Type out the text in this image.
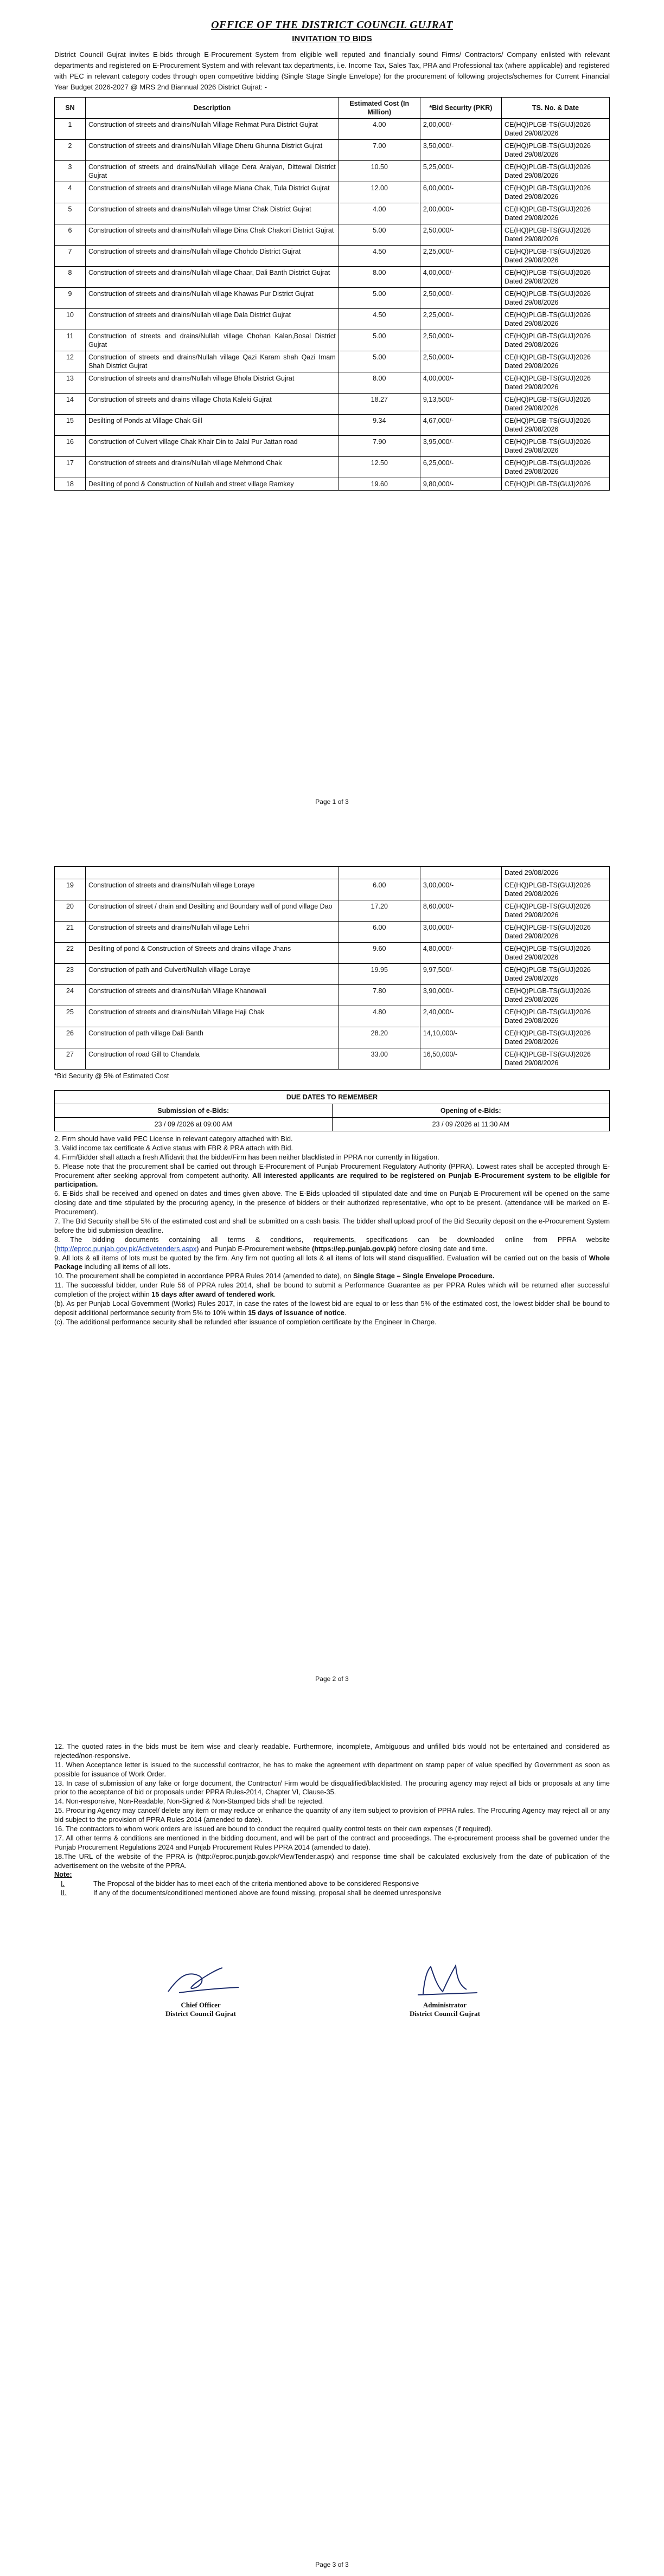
OFFICE OF THE DISTRICT COUNCIL GUJRAT
INVITATION TO BIDS
District Council Gujrat invites E-bids through E-Procurement System from eligible well reputed and financially sound Firms/ Contractors/ Company enlisted with relevant departments and registered on E-Procurement System and with relevant tax departments, i.e. Income Tax, Sales Tax, PRA and Professional tax (where applicable) and registered with PEC in relevant category codes through open competitive bidding (Single Stage Single Envelope) for the procurement of following projects/schemes for Current Financial Year Budget 2026-2027 @ MRS 2nd Biannual 2026 District Gujrat: -
SN	Description	Estimated Cost (In Million)	*Bid Security (PKR)	TS. No. & Date
1	Construction of streets and drains/Nullah Village Rehmat Pura District Gujrat	4.00	2,00,000/-	CE(HQ)PLGB-TS(GUJ)2026 Dated 29/08/2026
2	Construction of streets and drains/Nullah Village Dheru Ghunna District Gujrat	7.00	3,50,000/-	CE(HQ)PLGB-TS(GUJ)2026 Dated 29/08/2026
3	Construction of streets and drains/Nullah village Dera Araiyan, Dittewal District Gujrat	10.50	5,25,000/-	CE(HQ)PLGB-TS(GUJ)2026 Dated 29/08/2026
4	Construction of streets and drains/Nullah village Miana Chak, Tula District Gujrat	12.00	6,00,000/-	CE(HQ)PLGB-TS(GUJ)2026 Dated 29/08/2026
5	Construction of streets and drains/Nullah village Umar Chak District Gujrat	4.00	2,00,000/-	CE(HQ)PLGB-TS(GUJ)2026 Dated 29/08/2026
6	Construction of streets and drains/Nullah village Dina Chak Chakori District Gujrat	5.00	2,50,000/-	CE(HQ)PLGB-TS(GUJ)2026 Dated 29/08/2026
7	Construction of streets and drains/Nullah village Chohdo District Gujrat	4.50	2,25,000/-	CE(HQ)PLGB-TS(GUJ)2026 Dated 29/08/2026
8	Construction of streets and drains/Nullah village Chaar, Dali Banth District Gujrat	8.00	4,00,000/-	CE(HQ)PLGB-TS(GUJ)2026 Dated 29/08/2026
9	Construction of streets and drains/Nullah village Khawas Pur District Gujrat	5.00	2,50,000/-	CE(HQ)PLGB-TS(GUJ)2026 Dated 29/08/2026
10	Construction of streets and drains/Nullah village Dala District Gujrat	4.50	2,25,000/-	CE(HQ)PLGB-TS(GUJ)2026 Dated 29/08/2026
11	Construction of streets and drains/Nullah village Chohan Kalan,Bosal District Gujrat	5.00	2,50,000/-	CE(HQ)PLGB-TS(GUJ)2026 Dated 29/08/2026
12	Construction of streets and drains/Nullah village Qazi Karam shah Qazi Imam Shah District Gujrat	5.00	2,50,000/-	CE(HQ)PLGB-TS(GUJ)2026 Dated 29/08/2026
13	Construction of streets and drains/Nullah village Bhola District Gujrat	8.00	4,00,000/-	CE(HQ)PLGB-TS(GUJ)2026 Dated 29/08/2026
14	Construction of streets and drains village Chota Kaleki Gujrat	18.27	9,13,500/-	CE(HQ)PLGB-TS(GUJ)2026 Dated 29/08/2026
15	Desilting of Ponds at Village Chak Gill	9.34	4,67,000/-	CE(HQ)PLGB-TS(GUJ)2026 Dated 29/08/2026
16	Construction of Culvert village Chak Khair Din to Jalal Pur Jattan road	7.90	3,95,000/-	CE(HQ)PLGB-TS(GUJ)2026 Dated 29/08/2026
17	Construction of streets and drains/Nullah village Mehmond Chak	12.50	6,25,000/-	CE(HQ)PLGB-TS(GUJ)2026 Dated 29/08/2026
18	Desilting of pond & Construction of Nullah and street village Ramkey	19.60	9,80,000/-	CE(HQ)PLGB-TS(GUJ)2026
Page 1 of 3
				Dated 29/08/2026
19	Construction of streets and drains/Nullah village Loraye	6.00	3,00,000/-	CE(HQ)PLGB-TS(GUJ)2026 Dated 29/08/2026
20	Construction of street / drain and Desilting and Boundary wall of pond village Dao	17.20	8,60,000/-	CE(HQ)PLGB-TS(GUJ)2026 Dated 29/08/2026
21	Construction of streets and drains/Nullah village Lehri	6.00	3,00,000/-	CE(HQ)PLGB-TS(GUJ)2026 Dated 29/08/2026
22	Desilting of pond & Construction of Streets and drains village Jhans	9.60	4,80,000/-	CE(HQ)PLGB-TS(GUJ)2026 Dated 29/08/2026
23	Construction of path and Culvert/Nullah village Loraye	19.95	9,97,500/-	CE(HQ)PLGB-TS(GUJ)2026 Dated 29/08/2026
24	Construction of streets and drains/Nullah Village Khanowali	7.80	3,90,000/-	CE(HQ)PLGB-TS(GUJ)2026 Dated 29/08/2026
25	Construction of streets and drains/Nullah Village Haji Chak	4.80	2,40,000/-	CE(HQ)PLGB-TS(GUJ)2026 Dated 29/08/2026
26	Construction of path village Dali Banth	28.20	14,10,000/-	CE(HQ)PLGB-TS(GUJ)2026 Dated 29/08/2026
27	Construction of road Gill to Chandala	33.00	16,50,000/-	CE(HQ)PLGB-TS(GUJ)2026 Dated 29/08/2026
*Bid Security @ 5% of Estimated Cost
DUE DATES TO REMEMBER	
Submission of e-Bids:	Opening of e-Bids:
23 / 09 /2026 at 09:00 AM	23 / 09 /2026 at 11:30 AM

2. Firm should have valid PEC License in relevant category attached with Bid.

3. Valid income tax certificate & Active status with FBR & PRA attach with Bid.

4. Firm/Bidder shall attach a fresh Affidavit that the bidder/Firm has been neither blacklisted in PPRA nor currently in litigation.

5. Please note that the procurement shall be carried out through E-Procurement of Punjab Procurement Regulatory Authority (PPRA). Lowest rates shall be accepted through E-Procurement after seeking approval from competent authority. All interested applicants are required to be registered on Punjab E-Procurement system to be eligible for participation.

6. E-Bids shall be received and opened on dates and times given above. The E-Bids uploaded till stipulated date and time on Punjab E-Procurement will be opened on the same closing date and time stipulated by the procuring agency, in the presence of bidders or their authorized representative, who opt to be present. (attendance will be marked on E-Procurement).

7. The Bid Security shall be 5% of the estimated cost and shall be submitted on a cash basis. The bidder shall upload proof of the Bid Security deposit on the e-Procurement System before the bid submission deadline.

8. The bidding documents containing all terms & conditions, requirements, specifications can be downloaded online from PPRA website (http://eproc.punjab.gov.pk/Activetenders.aspx) and Punjab E-Procurement website (https://ep.punjab.gov.pk) before closing date and time.

9. All lots & all items of lots must be quoted by the firm. Any firm not quoting all lots & all items of lots will stand disqualified. Evaluation will be carried out on the basis of Whole Package including all items of all lots.

10. The procurement shall be completed in accordance PPRA Rules 2014 (amended to date), on Single Stage – Single Envelope Procedure.

11. The successful bidder, under Rule 56 of PPRA rules 2014, shall be bound to submit a Performance Guarantee as per PPRA Rules which will be returned after successful completion of the project within 15 days after award of tendered work.

(b). As per Punjab Local Government (Works) Rules 2017, in case the rates of the lowest bid are equal to or less than 5% of the estimated cost, the lowest bidder shall be bound to deposit additional performance security from 5% to 10% within 15 days of issuance of notice.

(c). The additional performance security shall be refunded after issuance of completion certificate by the Engineer In Charge.

Page 2 of 3

12. The quoted rates in the bids must be item wise and clearly readable. Furthermore, incomplete, Ambiguous and unfilled bids would not be entertained and considered as rejected/non-responsive.

11. When Acceptance letter is issued to the successful contractor, he has to make the agreement with department on stamp paper of value specified by Government as soon as possible for issuance of Work Order.

13. In case of submission of any fake or forge document, the Contractor/ Firm would be disqualified/blacklisted. The procuring agency may reject all bids or proposals at any time prior to the acceptance of bid or proposals under PPRA Rules-2014, Chapter VI, Clause-35.

14. Non-responsive, Non-Readable, Non-Signed & Non-Stamped bids shall be rejected.

15. Procuring Agency may cancel/ delete any item or may reduce or enhance the quantity of any item subject to provision of PPRA rules. The Procuring Agency may reject all or any bid subject to the provision of PPRA Rules 2014 (amended to date).

16. The contractors to whom work orders are issued are bound to conduct the required quality control tests on their own expenses (if required).

17. All other terms & conditions are mentioned in the bidding document, and will be part of the contract and proceedings. The e-procurement process shall be governed under the Punjab Procurement Regulations 2024 and Punjab Procurement Rules PPRA 2014 (amended to date).

18.The URL of the website of the PPRA is (http://eproc.punjab.gov.pk/ViewTender.aspx) and response time shall be calculated exclusively from the date of publication of the advertisement on the website of the PPRA.

Note:

I.	The Proposal of the bidder has to meet each of the criteria mentioned above to be considered Responsive
II.	If any of the documents/conditioned mentioned above are found missing, proposal shall be deemed unresponsive
Chief Officer
District Council Gujrat
Administrator
District Council Gujrat
Page 3 of 3
